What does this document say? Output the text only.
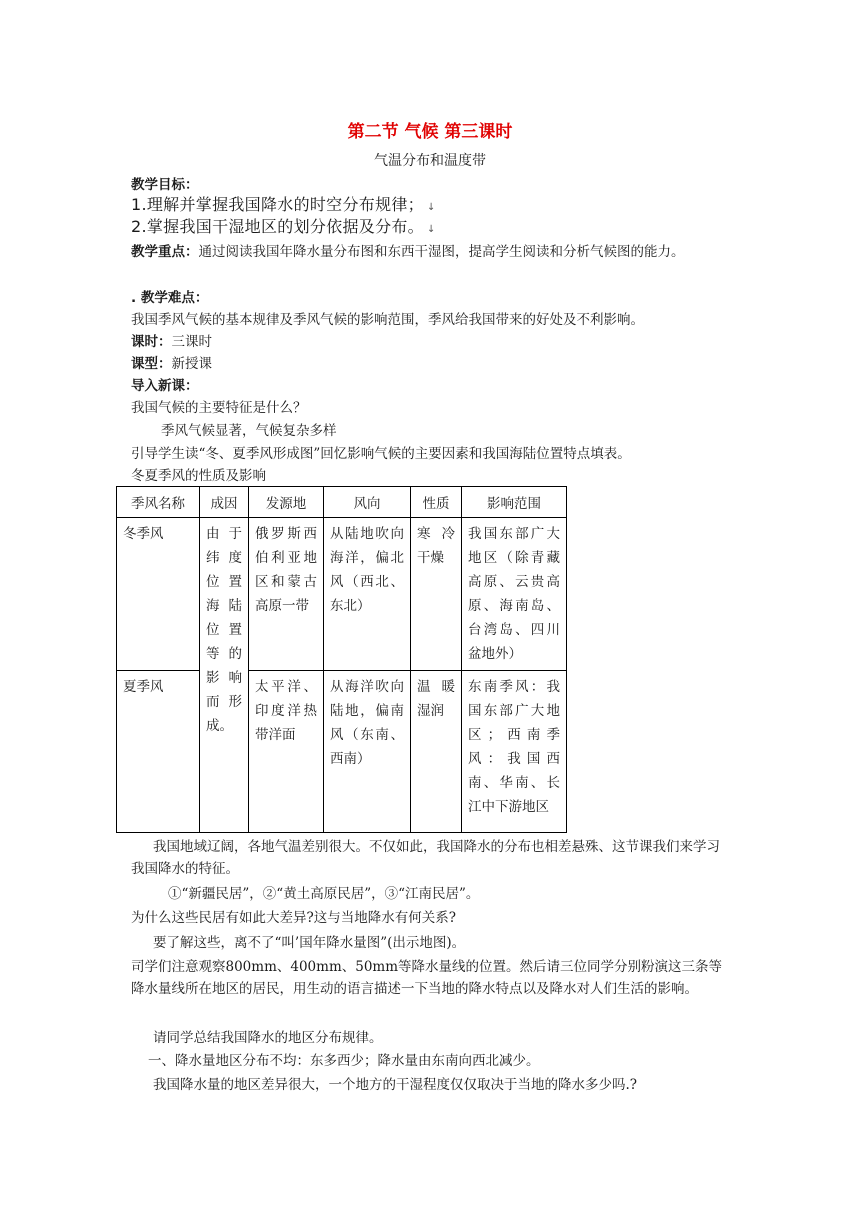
第二节 气候 第三课时
气温分布和温度带
教学目标：
1.理解并掌握我国降水的时空分布规律； ↓
2.掌握我国干湿地区的划分依据及分布。 ↓
教学重点：通过阅读我国年降水量分布图和东西干湿图，提高学生阅读和分析气候图的能力。
. 教学难点：
我国季风气候的基本规律及季风气候的影响范围，季风给我国带来的好处及不利影响。
课时：三课时
课型：新授课
导入新课：
我国气候的主要特征是什么？
季风气候显著，气候复杂多样
引导学生读“冬、夏季风形成图”回忆影响气候的主要因素和我国海陆位置特点填表。
冬夏季风的性质及影响
季风名称	成因	发源地	风向	性质	影响范围
冬季风	由于纬度位置海陆位置等的影响而形成。	俄罗斯西伯利亚地区和蒙古高原一带	从陆地吹向海洋，偏北风（西北、东北）	寒冷干燥	我国东部广大地区（除青藏高原、云贵高原、海南岛、台湾岛、四川盆地外）
夏季风		太平洋、印度洋热带洋面	从海洋吹向陆地，偏南风（东南、西南）	温暖湿润	东南季风：我国东部广大地区；西南季风：我国西南、华南、长江中下游地区
我国地域辽阔，各地气温差别很大。不仅如此，我国降水的分布也相差悬殊、这节课我们来学习我国降水的特征。
①“新疆民居”，②“黄土高原民居”，③“江南民居”。
为什么这些民居有如此大差异?这与当地降水有何关系?
要了解这些，离不了“叫’国年降水量图”(出示地图)。
司学们注意观察800mm、400mm、50mm等降水量线的位置。然后请三位同学分别粉演这三条等降水量线所在地区的居民，用生动的语言描述一下当地的降水特点以及降水对人们生活的影响。
请同学总结我国降水的地区分布规律。
一、降水量地区分布不均：东多西少；降水量由东南向西北减少。
我国降水量的地区差异很大，一个地方的干湿程度仅仅取决于当地的降水多少吗.?
